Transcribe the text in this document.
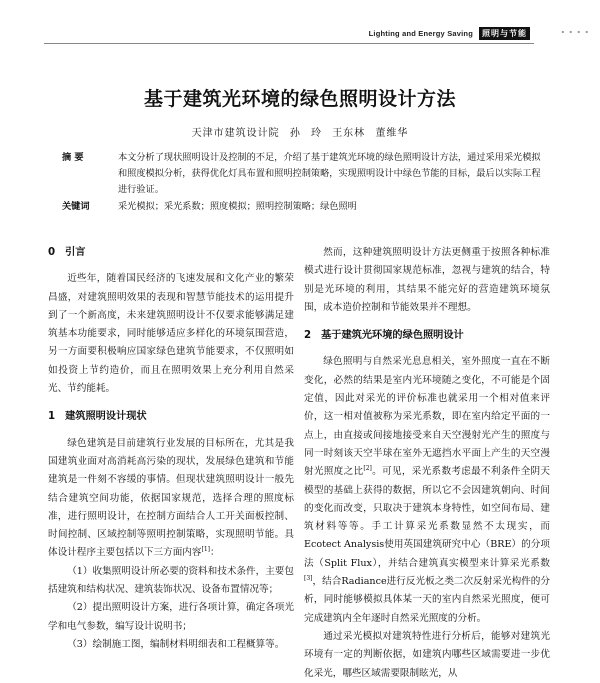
Lighting and Energy Saving	照明与节能	▪ ▪ ▪ ▪
基于建筑光环境的绿色照明设计方法
天津市建筑设计院 孙 玲 王东林 董维华
摘 要	本文分析了现状照明设计及控制的不足，介绍了基于建筑光环境的绿色照明设计方法，通过采用采光模拟和照度模拟分析，获得优化灯具布置和照明控制策略，实现照明设计中绿色节能的目标，最后以实际工程进行验证。
关键词	采光模拟；采光系数；照度模拟；照明控制策略；绿色照明
0 引言

近些年，随着国民经济的飞速发展和文化产业的繁荣昌盛，对建筑照明效果的表现和智慧节能技术的运用提升到了一个新高度，未来建筑照明设计不仅要求能够满足建筑基本功能要求，同时能够适应多样化的环境氛围营造，另一方面要积极响应国家绿色建筑节能要求，不仅照明如如投资上节约造价，而且在照明效果上充分利用自然采光、节约能耗。

1 建筑照明设计现状

绿色建筑是目前建筑行业发展的目标所在，尤其是我国建筑业面对高消耗高污染的现状，发展绿色建筑和节能建筑是一件刻不容缓的事情。但现状建筑照明设计一般先结合建筑空间功能，依据国家规范，选择合理的照度标准，进行照明设计，在控制方面结合人工开关面板控制、时间控制、区域控制等照明控制策略，实现照明节能。具体设计程序主要包括以下三方面内容[1]：

（1）收集照明设计所必要的资料和技术条件，主要包括建筑和结构状况、建筑装饰状况、设备布置情况等；

（2）提出照明设计方案，进行各项计算，确定各项光学和电气参数，编写设计说明书；

（3）绘制施工图，编制材料明细表和工程概算等。

然而，这种建筑照明设计方法更侧重于按照各种标准模式进行设计贯彻国家规范标准，忽视与建筑的结合，特别是光环境的利用，其结果不能完好的营造建筑环境氛围，成本造价控制和节能效果并不理想。

2 基于建筑光环境的绿色照明设计

绿色照明与自然采光息息相关，室外照度一直在不断变化，必然的结果是室内光环境随之变化，不可能是个固定值，因此对采光的评价标准也就采用一个相对值来评价，这一相对值被称为采光系数，即在室内给定平面的一点上，由直接或间接地接受来自天空漫射光产生的照度与同一时刻该天空半球在室外无遮挡水平面上产生的天空漫射光照度之比[2]。可见，采光系数考虑最不利条件全阴天模型的基础上获得的数据，所以它不会因建筑朝向、时间的变化而改变，只取决于建筑本身特性，如空间布局、建筑材料等等。手工计算采光系数显然不太现实，而Ecotect Analysis使用英国建筑研究中心（BRE）的分项法（Split Flux），并结合建筑真实模型来计算采光系数[3]，结合Radiance进行反光板之类二次反射采光构件的分析，同时能够模拟具体某一天的室内自然采光照度，便可完成建筑内全年逐时自然采光照度的分析。

通过采光模拟对建筑特性进行分析后，能够对建筑光环境有一定的判断依据，如建筑内哪些区域需要进一步优化采光，哪些区域需要限制眩光，从
